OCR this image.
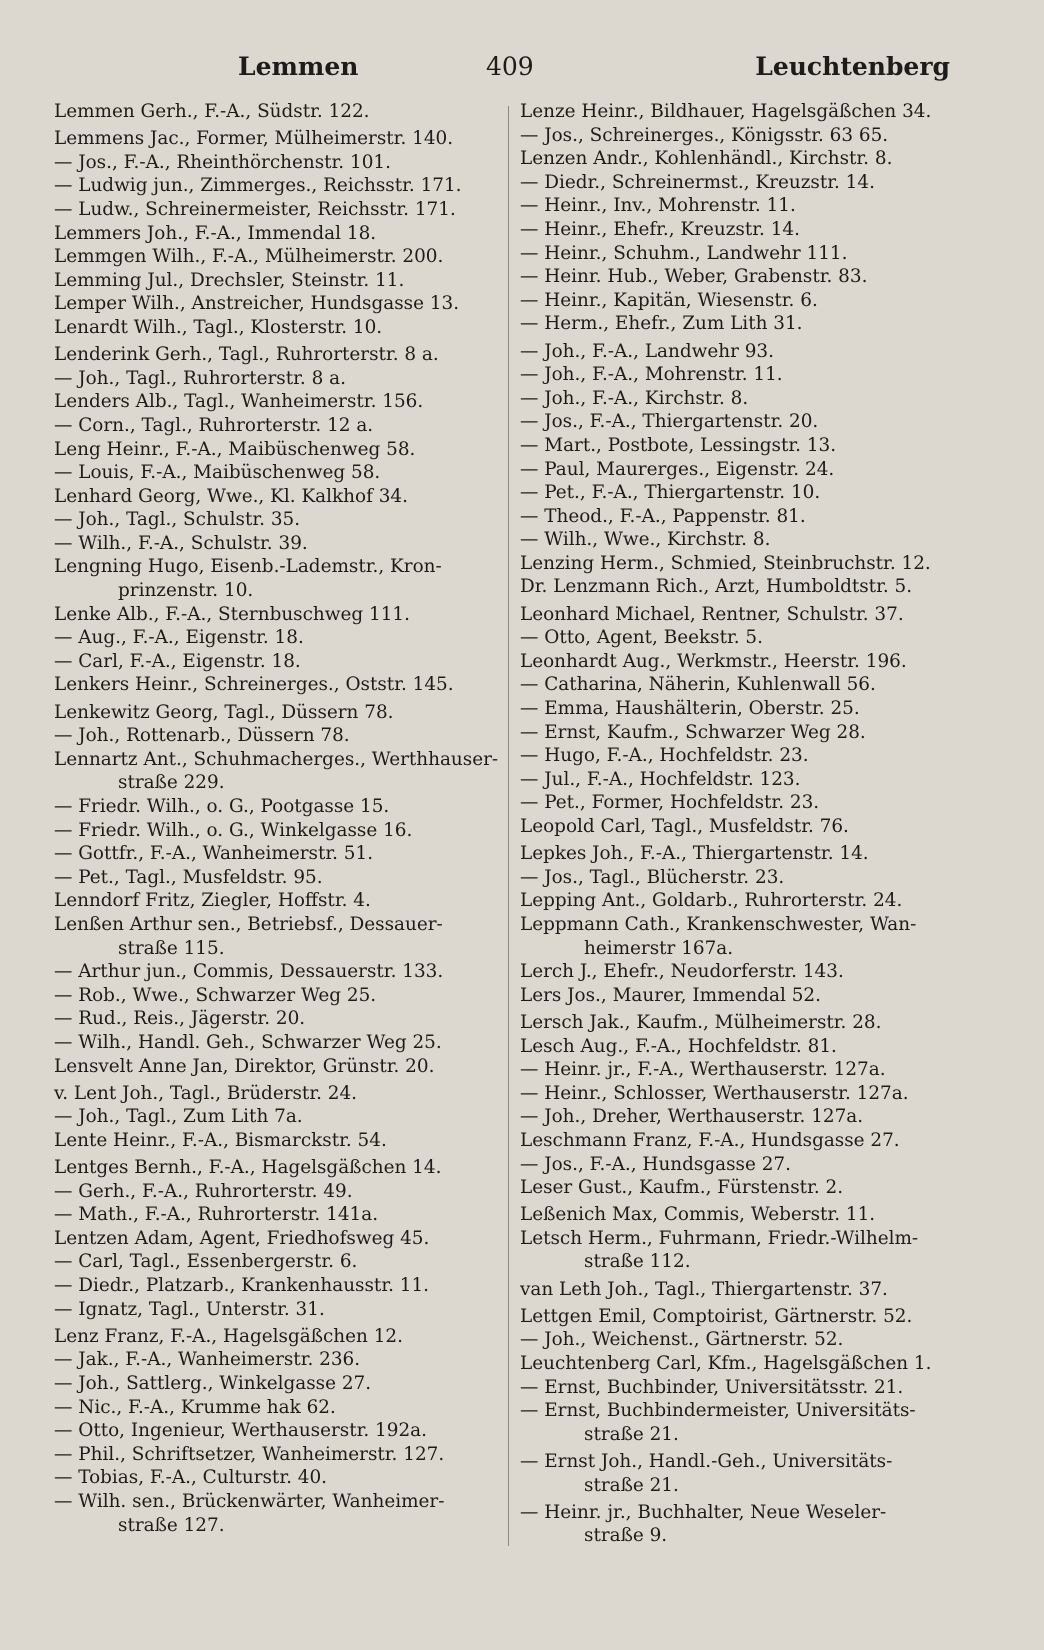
Lemmen	409	Leuchtenberg
Lemmen Gerh., F.-A., Südstr. 122.
Lemmens Jac., Former, Mülheimerstr. 140.
— Jos., F.-A., Rheinthörchenstr. 101.
— Ludwig jun., Zimmerges., Reichsstr. 171.
— Ludw., Schreinermeister, Reichsstr. 171.
Lemmers Joh., F.-A., Immendal 18.
Lemmgen Wilh., F.-A., Mülheimerstr. 200.
Lemming Jul., Drechsler, Steinstr. 11.
Lemper Wilh., Anstreicher, Hundsgasse 13.
Lenardt Wilh., Tagl., Klosterstr. 10.
Lenderink Gerh., Tagl., Ruhrorterstr. 8 a.
— Joh., Tagl., Ruhrorterstr. 8 a.
Lenders Alb., Tagl., Wanheimerstr. 156.
— Corn., Tagl., Ruhrorterstr. 12 a.
Leng Heinr., F.-A., Maibüschenweg 58.
— Louis, F.-A., Maibüschenweg 58.
Lenhard Georg, Wwe., Kl. Kalkhof 34.
— Joh., Tagl., Schulstr. 35.
— Wilh., F.-A., Schulstr. 39.
Lengning Hugo, Eisenb.-Lademstr., Kron-
prinzenstr. 10.
Lenke Alb., F.-A., Sternbuschweg 111.
— Aug., F.-A., Eigenstr. 18.
— Carl, F.-A., Eigenstr. 18.
Lenkers Heinr., Schreinerges., Oststr. 145.
Lenkewitz Georg, Tagl., Düssern 78.
— Joh., Rottenarb., Düssern 78.
Lennartz Ant., Schuhmacherges., Werthhauser-
straße 229.
— Friedr. Wilh., o. G., Pootgasse 15.
— Friedr. Wilh., o. G., Winkelgasse 16.
— Gottfr., F.-A., Wanheimerstr. 51.
— Pet., Tagl., Musfeldstr. 95.
Lenndorf Fritz, Ziegler, Hoffstr. 4.
Lenßen Arthur sen., Betriebsf., Dessauer-
straße 115.
— Arthur jun., Commis, Dessauerstr. 133.
— Rob., Wwe., Schwarzer Weg 25.
— Rud., Reis., Jägerstr. 20.
— Wilh., Handl. Geh., Schwarzer Weg 25.
Lensvelt Anne Jan, Direktor, Grünstr. 20.
v. Lent Joh., Tagl., Brüderstr. 24.
— Joh., Tagl., Zum Lith 7a.
Lente Heinr., F.-A., Bismarckstr. 54.
Lentges Bernh., F.-A., Hagelsgäßchen 14.
— Gerh., F.-A., Ruhrorterstr. 49.
— Math., F.-A., Ruhrorterstr. 141a.
Lentzen Adam, Agent, Friedhofsweg 45.
— Carl, Tagl., Essenbergerstr. 6.
— Diedr., Platzarb., Krankenhausstr. 11.
— Ignatz, Tagl., Unterstr. 31.
Lenz Franz, F.-A., Hagelsgäßchen 12.
— Jak., F.-A., Wanheimerstr. 236.
— Joh., Sattlerg., Winkelgasse 27.
— Nic., F.-A., Krumme hak 62.
— Otto, Ingenieur, Werthauserstr. 192a.
— Phil., Schriftsetzer, Wanheimerstr. 127.
— Tobias, F.-A., Culturstr. 40.
— Wilh. sen., Brückenwärter, Wanheimer-
straße 127.
Lenze Heinr., Bildhauer, Hagelsgäßchen 34.
— Jos., Schreinerges., Königsstr. 63 65.
Lenzen Andr., Kohlenhändl., Kirchstr. 8.
— Diedr., Schreinermst., Kreuzstr. 14.
— Heinr., Inv., Mohrenstr. 11.
— Heinr., Ehefr., Kreuzstr. 14.
— Heinr., Schuhm., Landwehr 111.
— Heinr. Hub., Weber, Grabenstr. 83.
— Heinr., Kapitän, Wiesenstr. 6.
— Herm., Ehefr., Zum Lith 31.
— Joh., F.-A., Landwehr 93.
— Joh., F.-A., Mohrenstr. 11.
— Joh., F.-A., Kirchstr. 8.
— Jos., F.-A., Thiergartenstr. 20.
— Mart., Postbote, Lessingstr. 13.
— Paul, Maurerges., Eigenstr. 24.
— Pet., F.-A., Thiergartenstr. 10.
— Theod., F.-A., Pappenstr. 81.
— Wilh., Wwe., Kirchstr. 8.
Lenzing Herm., Schmied, Steinbruchstr. 12.
Dr. Lenzmann Rich., Arzt, Humboldtstr. 5.
Leonhard Michael, Rentner, Schulstr. 37.
— Otto, Agent, Beekstr. 5.
Leonhardt Aug., Werkmstr., Heerstr. 196.
— Catharina, Näherin, Kuhlenwall 56.
— Emma, Haushälterin, Oberstr. 25.
— Ernst, Kaufm., Schwarzer Weg 28.
— Hugo, F.-A., Hochfeldstr. 23.
— Jul., F.-A., Hochfeldstr. 123.
— Pet., Former, Hochfeldstr. 23.
Leopold Carl, Tagl., Musfeldstr. 76.
Lepkes Joh., F.-A., Thiergartenstr. 14.
— Jos., Tagl., Blücherstr. 23.
Lepping Ant., Goldarb., Ruhrorterstr. 24.
Leppmann Cath., Krankenschwester, Wan-
heimerstr 167a.
Lerch J., Ehefr., Neudorferstr. 143.
Lers Jos., Maurer, Immendal 52.
Lersch Jak., Kaufm., Mülheimerstr. 28.
Lesch Aug., F.-A., Hochfeldstr. 81.
— Heinr. jr., F.-A., Werthauserstr. 127a.
— Heinr., Schlosser, Werthauserstr. 127a.
— Joh., Dreher, Werthauserstr. 127a.
Leschmann Franz, F.-A., Hundsgasse 27.
— Jos., F.-A., Hundsgasse 27.
Leser Gust., Kaufm., Fürstenstr. 2.
Leßenich Max, Commis, Weberstr. 11.
Letsch Herm., Fuhrmann, Friedr.-Wilhelm-
straße 112.
van Leth Joh., Tagl., Thiergartenstr. 37.
Lettgen Emil, Comptoirist, Gärtnerstr. 52.
— Joh., Weichenst., Gärtnerstr. 52.
Leuchtenberg Carl, Kfm., Hagelsgäßchen 1.
— Ernst, Buchbinder, Universitätsstr. 21.
— Ernst, Buchbindermeister, Universitäts-
straße 21.
— Ernst Joh., Handl.-Geh., Universitäts-
straße 21.
— Heinr. jr., Buchhalter, Neue Weseler-
straße 9.
